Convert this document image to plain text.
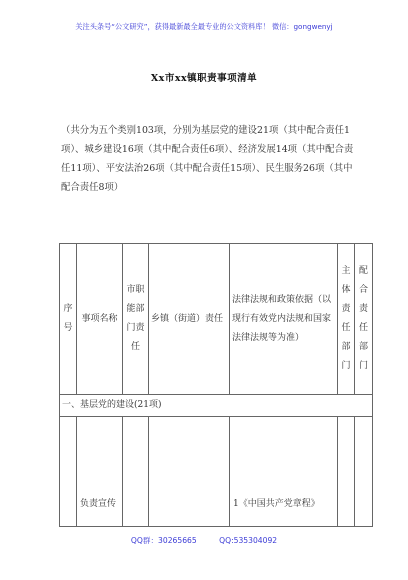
关注头条号“公文研究”，获得最新最全最专业的公文资料库！ 微信：gongwenyj
Xx市xx镇职责事项清单
（共分为五个类别103项，分别为基层党的建设21项（其中配合责任1项）、城乡建设16项（其中配合责任6项）、经济发展14项（其中配合责任11项）、平安法治26项（其中配合责任15项）、民生服务26项（其中配合责任8项）
序号	事项名称	市职能部门责任	乡镇（街道）责任	法律法规和政策依据（以现行有效党内法规和国家法律法规等为准）	主体责任部门	配合责任部门
一、基层党的建设(21项)						
	负责宣传			1《中国共产党章程》		
QQ群：30265665	QQ:535304092
